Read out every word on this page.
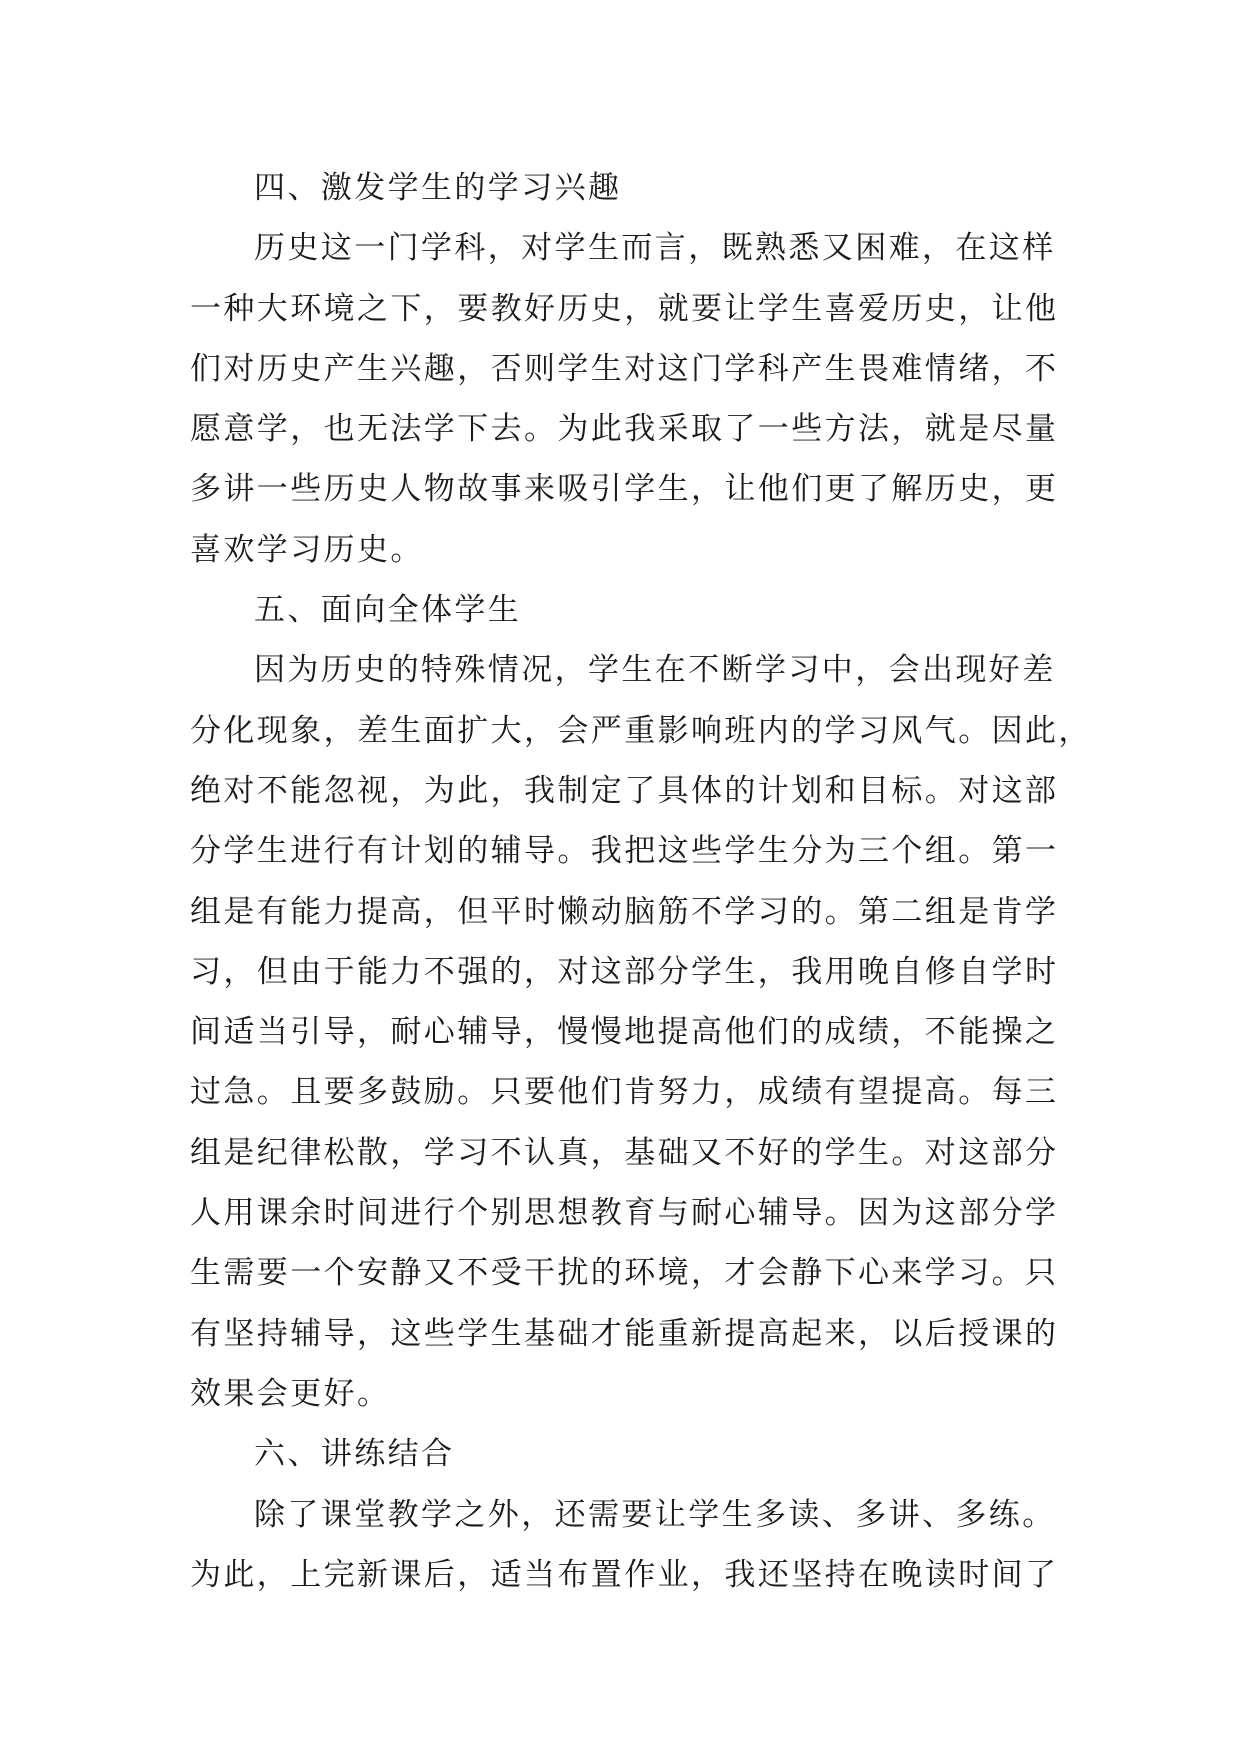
四、激发学生的学习兴趣
历史这一门学科，对学生而言，既熟悉又困难，在这样
一种大环境之下，要教好历史，就要让学生喜爱历史，让他
们对历史产生兴趣，否则学生对这门学科产生畏难情绪，不
愿意学，也无法学下去。为此我采取了一些方法，就是尽量
多讲一些历史人物故事来吸引学生，让他们更了解历史，更
喜欢学习历史。
五、面向全体学生
因为历史的特殊情况，学生在不断学习中，会出现好差
分化现象，差生面扩大，会严重影响班内的学习风气。因此，
绝对不能忽视，为此，我制定了具体的计划和目标。对这部
分学生进行有计划的辅导。我把这些学生分为三个组。第一
组是有能力提高，但平时懒动脑筋不学习的。第二组是肯学
习，但由于能力不强的，对这部分学生，我用晚自修自学时
间适当引导，耐心辅导，慢慢地提高他们的成绩，不能操之
过急。且要多鼓励。只要他们肯努力，成绩有望提高。每三
组是纪律松散，学习不认真，基础又不好的学生。对这部分
人用课余时间进行个别思想教育与耐心辅导。因为这部分学
生需要一个安静又不受干扰的环境，才会静下心来学习。只
有坚持辅导，这些学生基础才能重新提高起来，以后授课的
效果会更好。
六、讲练结合
除了课堂教学之外，还需要让学生多读、多讲、多练。
为此，上完新课后，适当布置作业，我还坚持在晚读时间了
